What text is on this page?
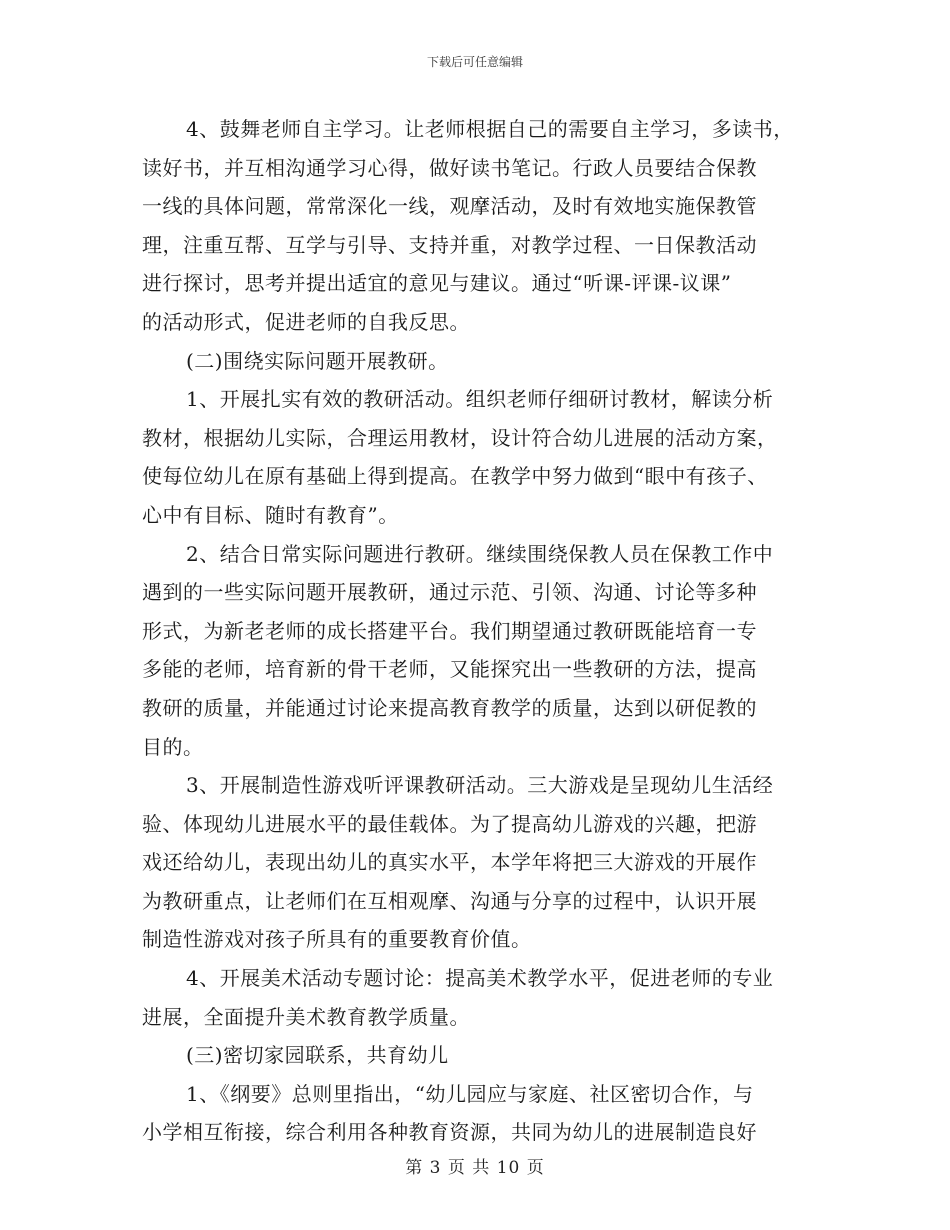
下载后可任意编辑
4、鼓舞老师自主学习。让老师根据自己的需要自主学习，多读书，
读好书，并互相沟通学习心得，做好读书笔记。行政人员要结合保教
一线的具体问题，常常深化一线，观摩活动，及时有效地实施保教管
理，注重互帮、互学与引导、支持并重，对教学过程、一日保教活动
进行探讨，思考并提出适宜的意见与建议。通过“听课-评课-议课”
的活动形式，促进老师的自我反思。
(二)围绕实际问题开展教研。
1、开展扎实有效的教研活动。组织老师仔细研讨教材，解读分析
教材，根据幼儿实际，合理运用教材，设计符合幼儿进展的活动方案，
使每位幼儿在原有基础上得到提高。在教学中努力做到“眼中有孩子、
心中有目标、随时有教育”。
2、结合日常实际问题进行教研。继续围绕保教人员在保教工作中
遇到的一些实际问题开展教研，通过示范、引领、沟通、讨论等多种
形式，为新老老师的成长搭建平台。我们期望通过教研既能培育一专
多能的老师，培育新的骨干老师，又能探究出一些教研的方法，提高
教研的质量，并能通过讨论来提高教育教学的质量，达到以研促教的
目的。
3、开展制造性游戏听评课教研活动。三大游戏是呈现幼儿生活经
验、体现幼儿进展水平的最佳载体。为了提高幼儿游戏的兴趣，把游
戏还给幼儿，表现出幼儿的真实水平，本学年将把三大游戏的开展作
为教研重点，让老师们在互相观摩、沟通与分享的过程中，认识开展
制造性游戏对孩子所具有的重要教育价值。
4、开展美术活动专题讨论：提高美术教学水平，促进老师的专业
进展，全面提升美术教育教学质量。
(三)密切家园联系，共育幼儿
1、《纲要》总则里指出，“幼儿园应与家庭、社区密切合作，与
小学相互衔接，综合利用各种教育资源，共同为幼儿的进展制造良好
第 3 页 共 10 页
